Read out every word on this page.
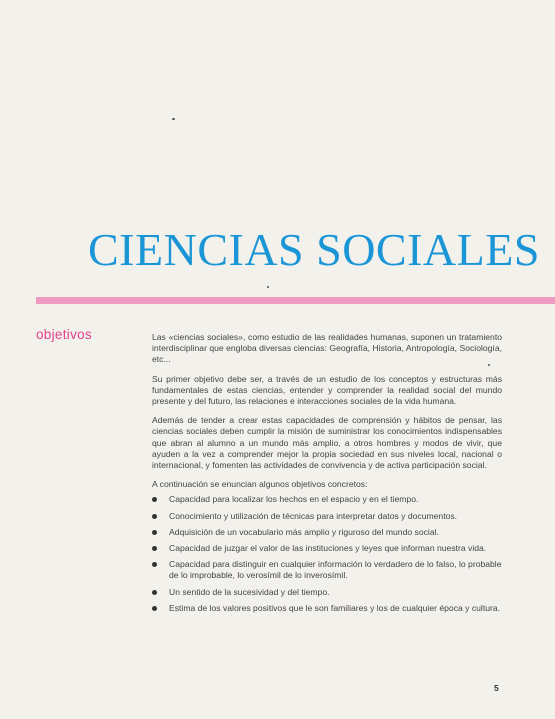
CIENCIAS SOCIALES
objetivos	Las «ciencias sociales», como estudio de las realidades humanas, suponen un tratamiento interdisciplinar que engloba diversas ciencias: Geografía, Historia, Antropología, Sociología, etc...

Su primer objetivo debe ser, a través de un estudio de los conceptos y estructuras más fundamentales de estas ciencias, entender y comprender la realidad social del mundo presente y del futuro, las relaciones e interacciones sociales de la vida humana.

Además de tender a crear estas capacidades de comprensión y hábitos de pensar, las ciencias sociales deben cumplir la misión de suministrar los conocimientos indispensables que abran al alumno a un mundo más amplio, a otros hombres y modos de vivir, que ayuden a la vez a comprender mejor la propia sociedad en sus niveles local, nacional o internacional, y fomenten las actividades de convivencia y de activa participación social.

A continuación se enuncian algunos objetivos concretos:

Capacidad para localizar los hechos en el espacio y en el tiempo.
Conocimiento y utilización de técnicas para interpretar datos y documentos.
Adquisición de un vocabulario más amplio y riguroso del mundo social.
Capacidad de juzgar el valor de las instituciones y leyes que informan nuestra vida.
Capacidad para distinguir en cualquier información lo verdadero de lo falso, lo probable de lo improbable, lo verosímil de lo inverosímil.
Un sentido de la sucesividad y del tiempo.
Estima de los valores positivos que le son familiares y los de cualquier época y cultura.

5
